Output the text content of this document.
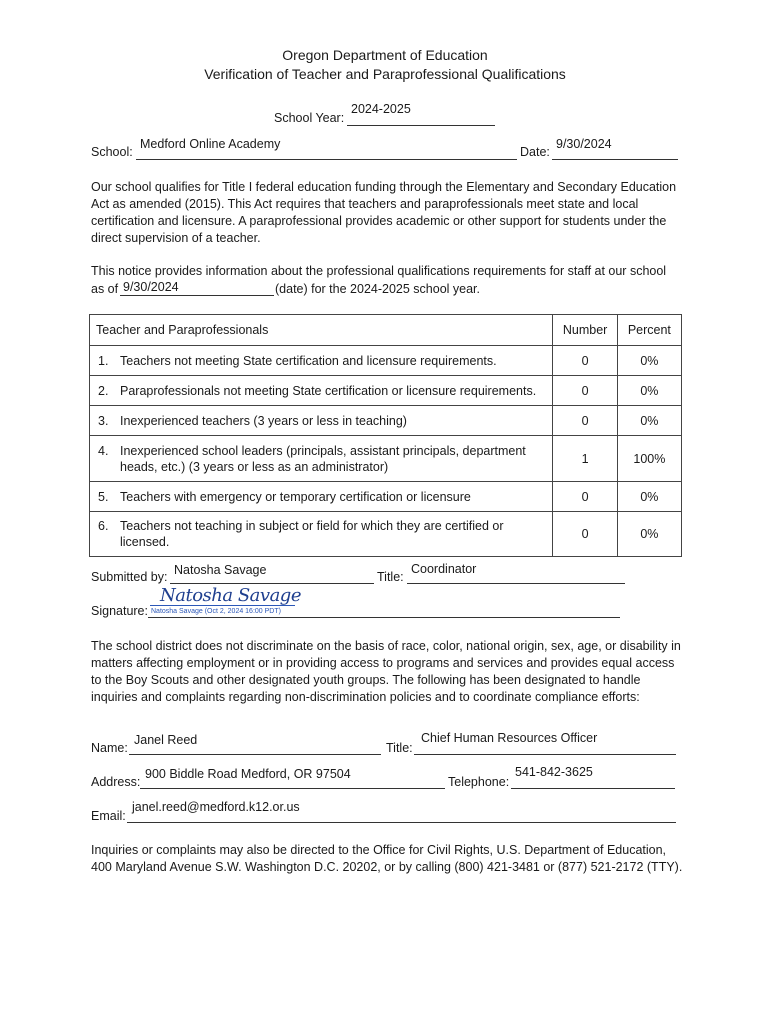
Oregon Department of Education
Verification of Teacher and Paraprofessional Qualifications
School Year:
2024-2025
School:
Medford Online Academy
Date:
9/30/2024
Our school qualifies for Title I federal education funding through the Elementary and Secondary Education Act as amended (2015). This Act requires that teachers and paraprofessionals meet state and local certification and licensure. A paraprofessional provides academic or other support for students under the direct supervision of a teacher.
This notice provides information about the professional qualifications requirements for staff at our school
as of 9/30/2024	(date) for the 2024-2025 school year.
Teacher and Paraprofessionals	Number	Percent

1. Teachers not meeting State certification and licensure requirements.	0	0%

2. Paraprofessionals not meeting State certification or licensure requirements.	0	0%

3. Inexperienced teachers (3 years or less in teaching)	0	0%

4. Inexperienced school leaders (principals, assistant principals, department heads, etc.) (3 years or less as an administrator)	1	100%

5. Teachers with emergency or temporary certification or licensure	0	0%

6. Teachers not teaching in subject or field for which they are certified or licensed.	0	0%
Submitted by: Natosha Savage	Title:
Coordinator
Signature:
Natosha Savage
Natosha Savage (Oct 2, 2024 16:00 PDT)
The school district does not discriminate on the basis of race, color, national origin, sex, age, or disability in matters affecting employment or in providing access to programs and services and provides equal access to the Boy Scouts and other designated youth groups. The following has been designated to handle inquiries and complaints regarding non-discrimination policies and to coordinate compliance efforts:
Name:
Janel Reed
Title:
Chief Human Resources Officer
Address:
900 Biddle Road Medford, OR 97504
Telephone:
541-842-3625
Email:
janel.reed@medford.k12.or.us
Inquiries or complaints may also be directed to the Office for Civil Rights, U.S. Department of Education, 400 Maryland Avenue S.W. Washington D.C. 20202, or by calling (800) 421-3481 or (877) 521-2172 (TTY).
